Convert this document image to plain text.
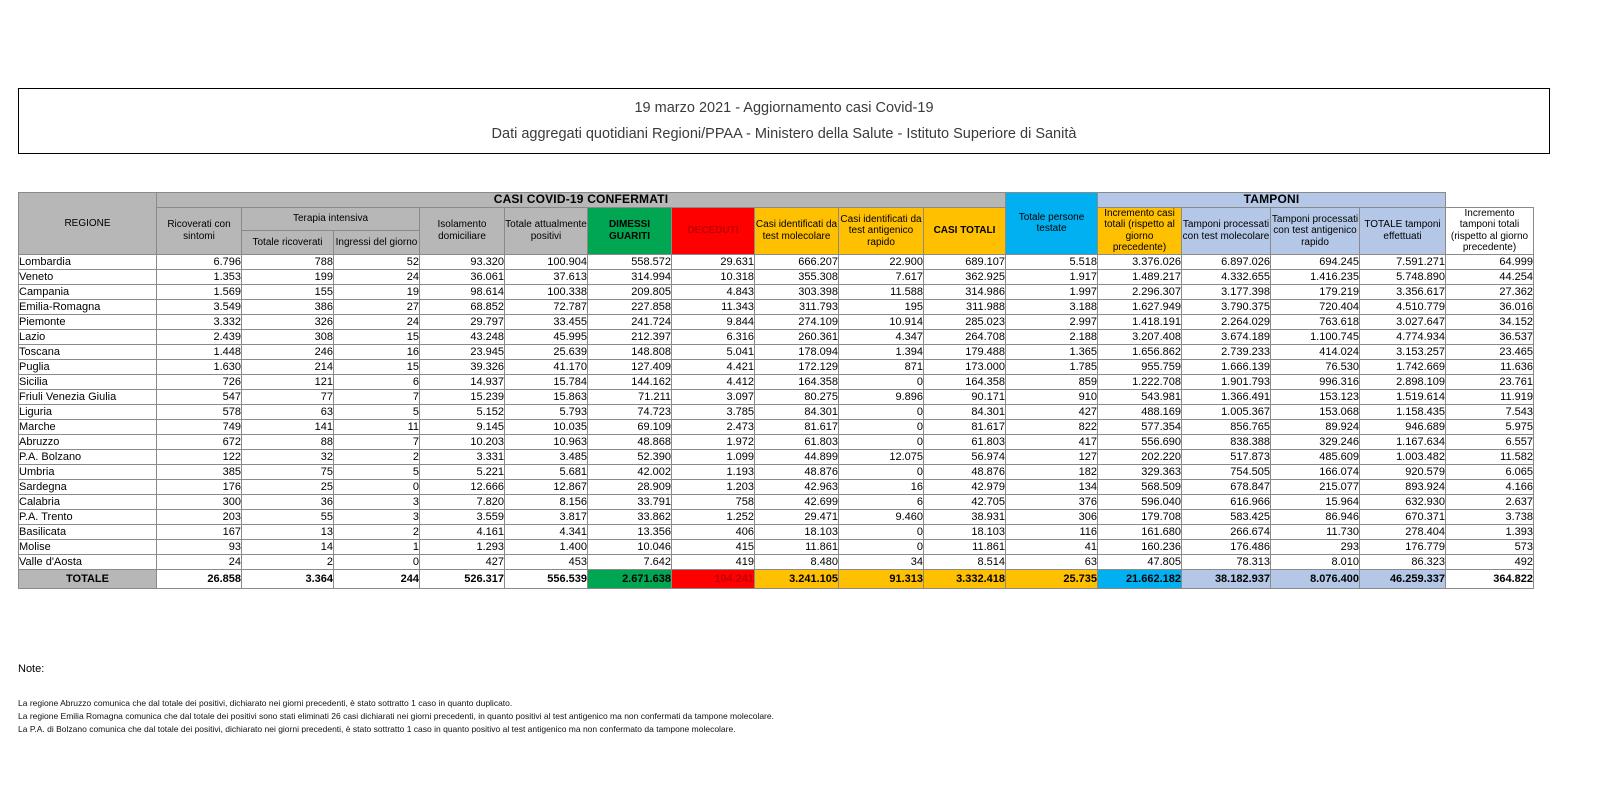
19 marzo 2021 - Aggiornamento casi Covid-19
Dati aggregati quotidiani Regioni/PPAA - Ministero della Salute - Istituto Superiore di Sanità
REGIONE	CASI COVID-19 CONFERMATI										Totale persone testate	TAMPONI				
	Ricoverati con sintomi	Terapia intensiva		Isolamento domiciliare	Totale attualmente positivi	DIMESSI GUARITI	DECEDUTI	Casi identificati da test molecolare	Casi identificati da test antigenico rapido	CASI TOTALI		Incremento casi totali (rispetto al giorno precedente)	Tamponi processati con test molecolare	Tamponi processati con test antigenico rapido	TOTALE tamponi effettuati	Incremento tamponi totali (rispetto al giorno precedente)
		Totale ricoverati	Ingressi del giorno													
Lombardia	6.796	788	52	93.320	100.904	558.572	29.631	666.207	22.900	689.107	5.518	3.376.026	6.897.026	694.245	7.591.271	64.999
Veneto	1.353	199	24	36.061	37.613	314.994	10.318	355.308	7.617	362.925	1.917	1.489.217	4.332.655	1.416.235	5.748.890	44.254
Campania	1.569	155	19	98.614	100.338	209.805	4.843	303.398	11.588	314.986	1.997	2.296.307	3.177.398	179.219	3.356.617	27.362
Emilia-Romagna	3.549	386	27	68.852	72.787	227.858	11.343	311.793	195	311.988	3.188	1.627.949	3.790.375	720.404	4.510.779	36.016
Piemonte	3.332	326	24	29.797	33.455	241.724	9.844	274.109	10.914	285.023	2.997	1.418.191	2.264.029	763.618	3.027.647	34.152
Lazio	2.439	308	15	43.248	45.995	212.397	6.316	260.361	4.347	264.708	2.188	3.207.408	3.674.189	1.100.745	4.774.934	36.537
Toscana	1.448	246	16	23.945	25.639	148.808	5.041	178.094	1.394	179.488	1.365	1.656.862	2.739.233	414.024	3.153.257	23.465
Puglia	1.630	214	15	39.326	41.170	127.409	4.421	172.129	871	173.000	1.785	955.759	1.666.139	76.530	1.742.669	11.636
Sicilia	726	121	6	14.937	15.784	144.162	4.412	164.358	0	164.358	859	1.222.708	1.901.793	996.316	2.898.109	23.761
Friuli Venezia Giulia	547	77	7	15.239	15.863	71.211	3.097	80.275	9.896	90.171	910	543.981	1.366.491	153.123	1.519.614	11.919
Liguria	578	63	5	5.152	5.793	74.723	3.785	84.301	0	84.301	427	488.169	1.005.367	153.068	1.158.435	7.543
Marche	749	141	11	9.145	10.035	69.109	2.473	81.617	0	81.617	822	577.354	856.765	89.924	946.689	5.975
Abruzzo	672	88	7	10.203	10.963	48.868	1.972	61.803	0	61.803	417	556.690	838.388	329.246	1.167.634	6.557
P.A. Bolzano	122	32	2	3.331	3.485	52.390	1.099	44.899	12.075	56.974	127	202.220	517.873	485.609	1.003.482	11.582
Umbria	385	75	5	5.221	5.681	42.002	1.193	48.876	0	48.876	182	329.363	754.505	166.074	920.579	6.065
Sardegna	176	25	0	12.666	12.867	28.909	1.203	42.963	16	42.979	134	568.509	678.847	215.077	893.924	4.166
Calabria	300	36	3	7.820	8.156	33.791	758	42.699	6	42.705	376	596.040	616.966	15.964	632.930	2.637
P.A. Trento	203	55	3	3.559	3.817	33.862	1.252	29.471	9.460	38.931	306	179.708	583.425	86.946	670.371	3.738
Basilicata	167	13	2	4.161	4.341	13.356	406	18.103	0	18.103	116	161.680	266.674	11.730	278.404	1.393
Molise	93	14	1	1.293	1.400	10.046	415	11.861	0	11.861	41	160.236	176.486	293	176.779	573
Valle d'Aosta	24	2	0	427	453	7.642	419	8.480	34	8.514	63	47.805	78.313	8.010	86.323	492
TOTALE	26.858	3.364	244	526.317	556.539	2.671.638	104.241	3.241.105	91.313	3.332.418	25.735	21.662.182	38.182.937	8.076.400	46.259.337	364.822
Note:
La regione Abruzzo comunica che dal totale dei positivi, dichiarato nei giorni precedenti, è stato sottratto 1 caso in quanto duplicato.
La regione Emilia Romagna comunica che dal totale dei positivi sono stati eliminati 26 casi dichiarati nei giorni precedenti, in quanto positivi al test antigenico ma non confermati da tampone molecolare.
La P.A. di Bolzano comunica che dal totale dei positivi, dichiarato nei giorni precedenti, è stato sottratto 1 caso in quanto positivo al test antigenico ma non confermato da tampone molecolare.
